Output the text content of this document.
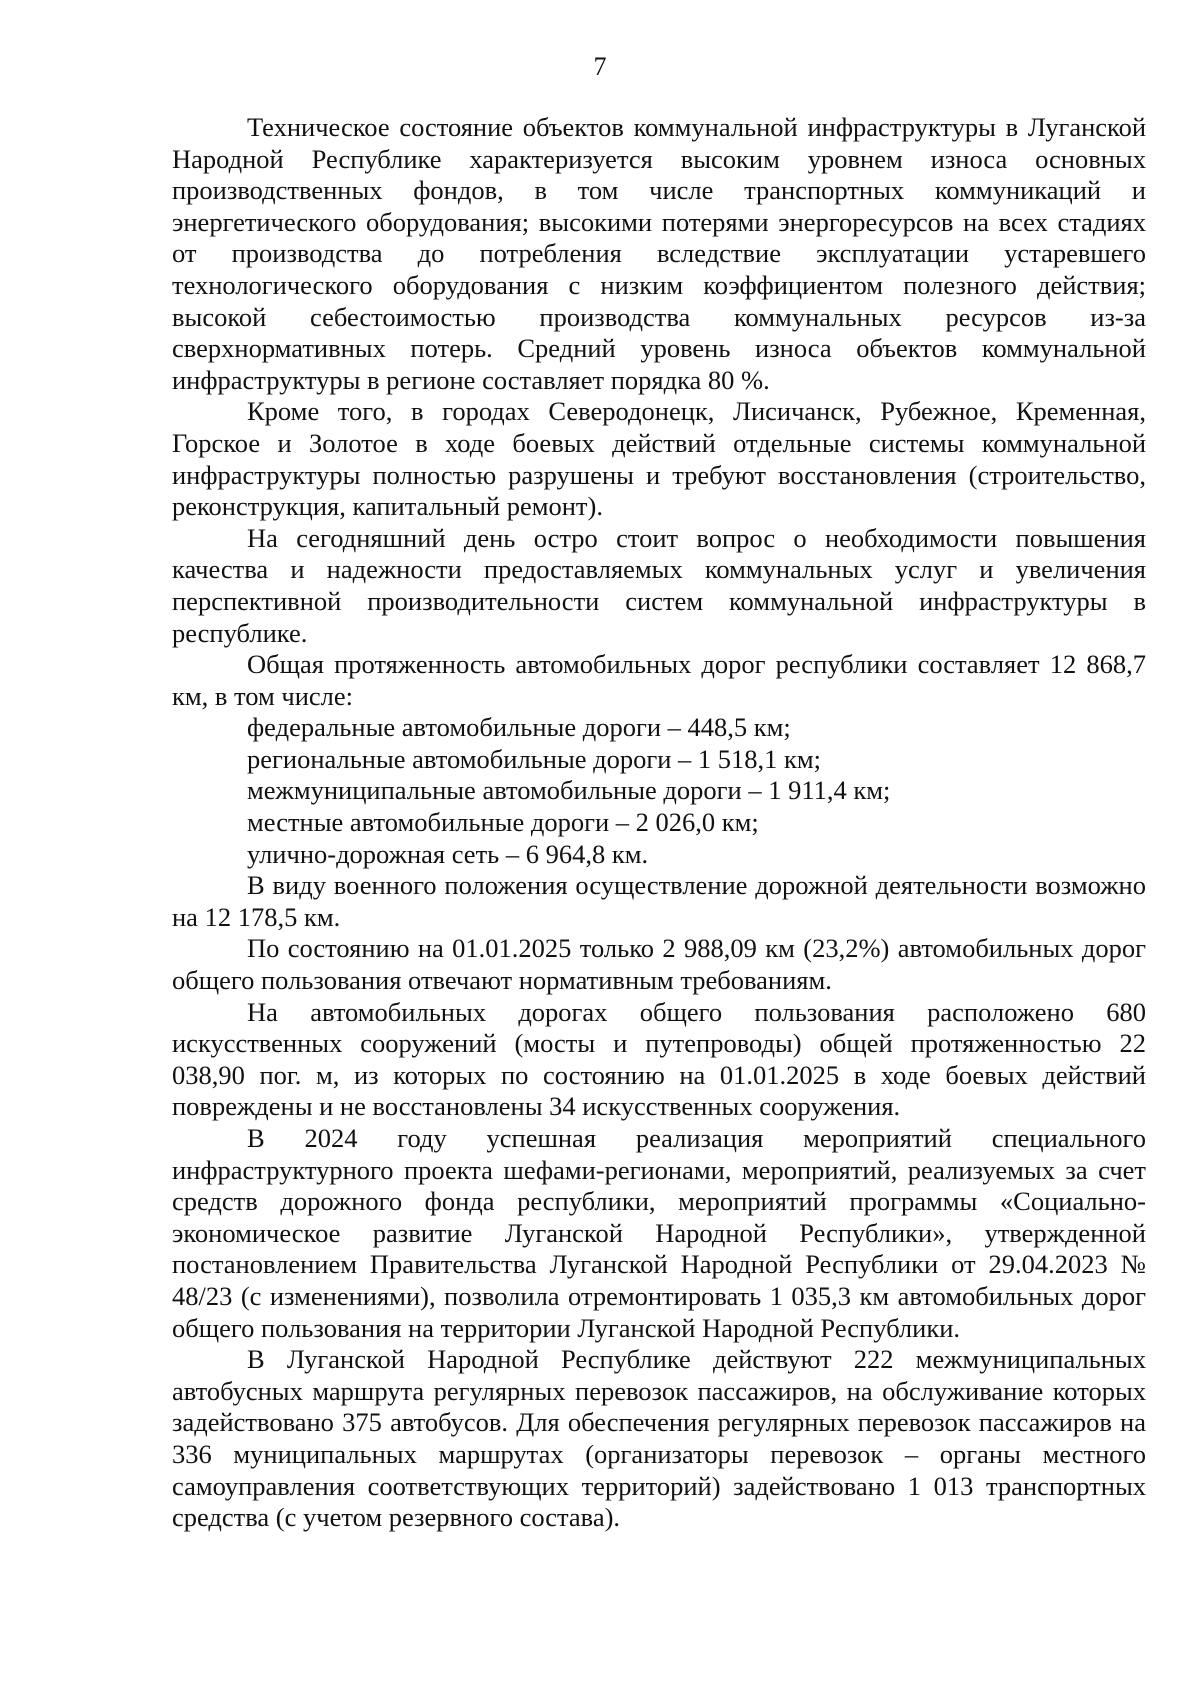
7

Техническое состояние объектов коммунальной инфраструктуры в Луганской Народной Республике характеризуется высоким уровнем износа основных производственных фондов, в том числе транспортных коммуникаций и энергетического оборудования; высокими потерями энергоресурсов на всех стадиях от производства до потребления вследствие эксплуатации устаревшего технологического оборудования с низким коэффициентом полезного действия; высокой себестоимостью производства коммунальных ресурсов из-за сверхнормативных потерь. Средний уровень износа объектов коммунальной инфраструктуры в регионе составляет порядка 80 %.

Кроме того, в городах Северодонецк, Лисичанск, Рубежное, Кременная, Горское и Золотое в ходе боевых действий отдельные системы коммунальной инфраструктуры полностью разрушены и требуют восстановления (строительство, реконструкция, капитальный ремонт).

На сегодняшний день остро стоит вопрос о необходимости повышения качества и надежности предоставляемых коммунальных услуг и увеличения перспективной производительности систем коммунальной инфраструктуры в республике.

Общая протяженность автомобильных дорог республики составляет 12 868,7 км, в том числе:

федеральные автомобильные дороги – 448,5 км;
региональные автомобильные дороги – 1 518,1 км;
межмуниципальные автомобильные дороги – 1 911,4 км;
местные автомобильные дороги – 2 026,0 км;
улично-дорожная сеть – 6 964,8 км.

В виду военного положения осуществление дорожной деятельности возможно на 12 178,5 км.

По состоянию на 01.01.2025 только 2 988,09 км (23,2%) автомобильных дорог общего пользования отвечают нормативным требованиям.

На автомобильных дорогах общего пользования расположено 680 искусственных сооружений (мосты и путепроводы) общей протяженностью 22 038,90 пог. м, из которых по состоянию на 01.01.2025 в ходе боевых действий повреждены и не восстановлены 34 искусственных сооружения.

В 2024 году успешная реализация мероприятий специального инфраструктурного проекта шефами-регионами, мероприятий, реализуемых за счет средств дорожного фонда республики, мероприятий программы «Социально-экономическое развитие Луганской Народной Республики», утвержденной постановлением Правительства Луганской Народной Республики от 29.04.2023 № 48/23 (с изменениями), позволила отремонтировать 1 035,3 км автомобильных дорог общего пользования на территории Луганской Народной Республики.

В Луганской Народной Республике действуют 222 межмуниципальных автобусных маршрута регулярных перевозок пассажиров, на обслуживание которых задействовано 375 автобусов. Для обеспечения регулярных перевозок пассажиров на 336 муниципальных маршрутах (организаторы перевозок – органы местного самоуправления соответствующих территорий) задействовано 1 013 транспортных средства (с учетом резервного состава).
